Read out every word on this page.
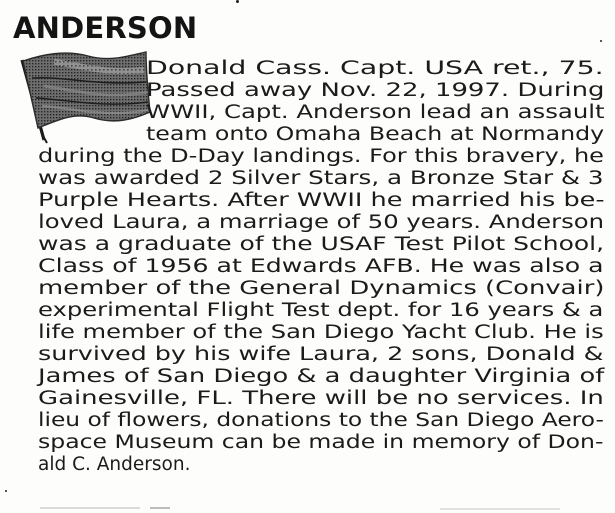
ANDERSON
Donald Cass. Capt. USA ret., 75.
Passed away Nov. 22, 1997. During
WWII, Capt. Anderson lead an assault
team onto Omaha Beach at Normandy
during the D-Day landings. For this bravery, he
was awarded 2 Silver Stars, a Bronze Star & 3
Purple Hearts. After WWII he married his be-
loved Laura, a marriage of 50 years. Anderson
was a graduate of the USAF Test Pilot School,
Class of 1956 at Edwards AFB. He was also a
member of the General Dynamics (Convair)
experimental Flight Test dept. for 16 years & a
life member of the San Diego Yacht Club. He is
survived by his wife Laura, 2 sons, Donald &
James of San Diego & a daughter Virginia of
Gainesville, FL. There will be no services. In
lieu of flowers, donations to the San Diego Aero-
space Museum can be made in memory of Don-
ald C. Anderson.
